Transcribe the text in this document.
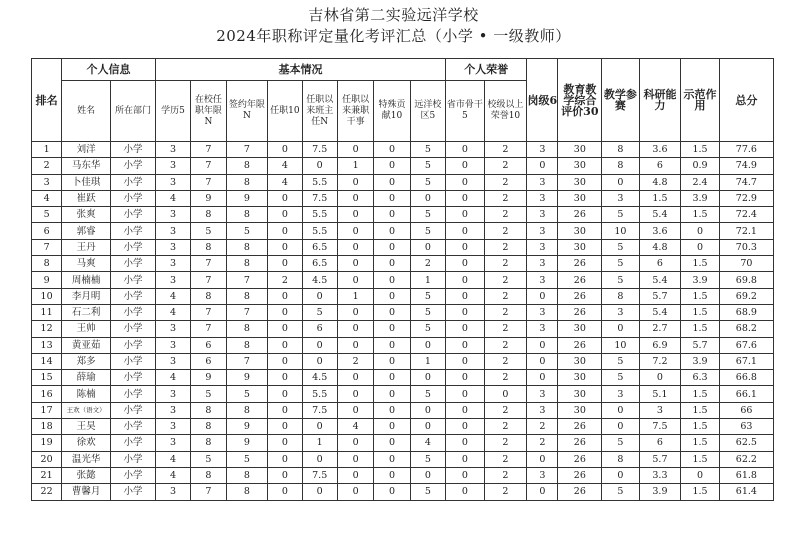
吉林省第二实验远洋学校
2024年职称评定量化考评汇总（小学 • 一级教师）
排名	个人信息		基本情况								个人荣誉		岗级6	教育教学综合评价30	教学参赛	科研能力	示范作用	总分
	姓名	所在部门	学历5	在校任职年限N	签约年限N	任职10	任职以来班主任N	任职以来兼职干事	特殊贡献10	远洋校区5	省市骨干5	校级以上荣誉10						
1	刘洋	小学	3	7	7	0	7.5	0	0	5	0	2	3	30	8	3.6	1.5	77.6
2	马东华	小学	3	7	8	4	0	1	0	5	0	2	0	30	8	6	0.9	74.9
3	卜佳琪	小学	3	7	8	4	5.5	0	0	5	0	2	3	30	0	4.8	2.4	74.7
4	崔跃	小学	4	9	9	0	7.5	0	0	0	0	2	3	30	3	1.5	3.9	72.9
5	张爽	小学	3	8	8	0	5.5	0	0	5	0	2	3	26	5	5.4	1.5	72.4
6	郭睿	小学	3	5	5	0	5.5	0	0	5	0	2	3	30	10	3.6	0	72.1
7	王丹	小学	3	8	8	0	6.5	0	0	0	0	2	3	30	5	4.8	0	70.3
8	马爽	小学	3	7	8	0	6.5	0	0	2	0	2	3	26	5	6	1.5	70
9	周楠楠	小学	3	7	7	2	4.5	0	0	1	0	2	3	26	5	5.4	3.9	69.8
10	李月明	小学	4	8	8	0	0	1	0	5	0	2	0	26	8	5.7	1.5	69.2
11	石二利	小学	4	7	7	0	5	0	0	5	0	2	3	26	3	5.4	1.5	68.9
12	王帅	小学	3	7	8	0	6	0	0	5	0	2	3	30	0	2.7	1.5	68.2
13	黄亚茹	小学	3	6	8	0	0	0	0	0	0	2	0	26	10	6.9	5.7	67.6
14	郑多	小学	3	6	7	0	0	2	0	1	0	2	0	30	5	7.2	3.9	67.1
15	薛瑜	小学	4	9	9	0	4.5	0	0	0	0	2	0	30	5	0	6.3	66.8
16	陈楠	小学	3	5	5	0	5.5	0	0	5	0	0	3	30	3	5.1	1.5	66.1
17	王欢（语文）	小学	3	8	8	0	7.5	0	0	0	0	2	3	30	0	3	1.5	66
18	王昊	小学	3	8	9	0	0	4	0	0	0	2	2	26	0	7.5	1.5	63
19	徐欢	小学	3	8	9	0	1	0	0	4	0	2	2	26	5	6	1.5	62.5
20	温光华	小学	4	5	5	0	0	0	0	5	0	2	0	26	8	5.7	1.5	62.2
21	张懿	小学	4	8	8	0	7.5	0	0	0	0	2	3	26	0	3.3	0	61.8
22	曹馨月	小学	3	7	8	0	0	0	0	5	0	2	0	26	5	3.9	1.5	61.4
